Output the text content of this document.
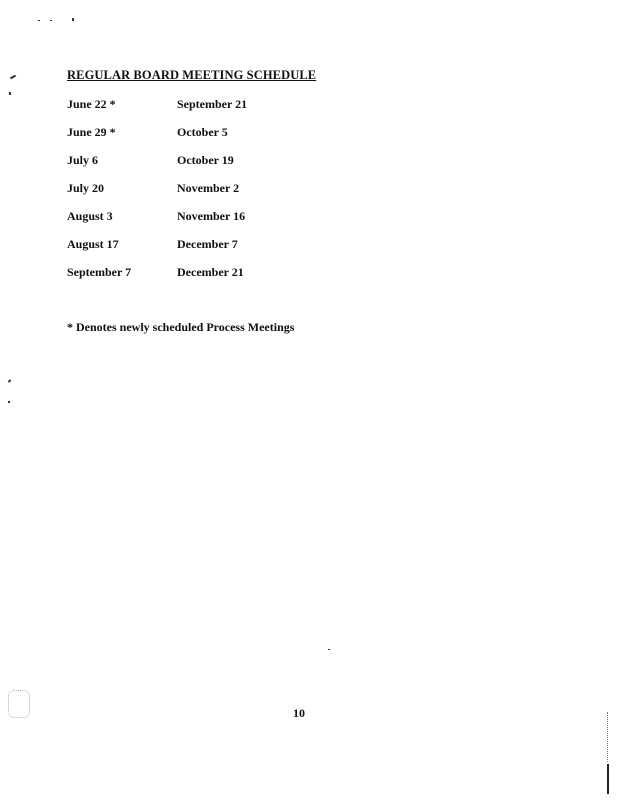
REGULAR BOARD MEETING SCHEDULE
June 22 *	September 21
June 29 *	October 5
July 6	October 19
July 20	November 2
August 3	November 16
August 17	December 7
September 7	December 21
* Denotes newly scheduled Process Meetings
10
